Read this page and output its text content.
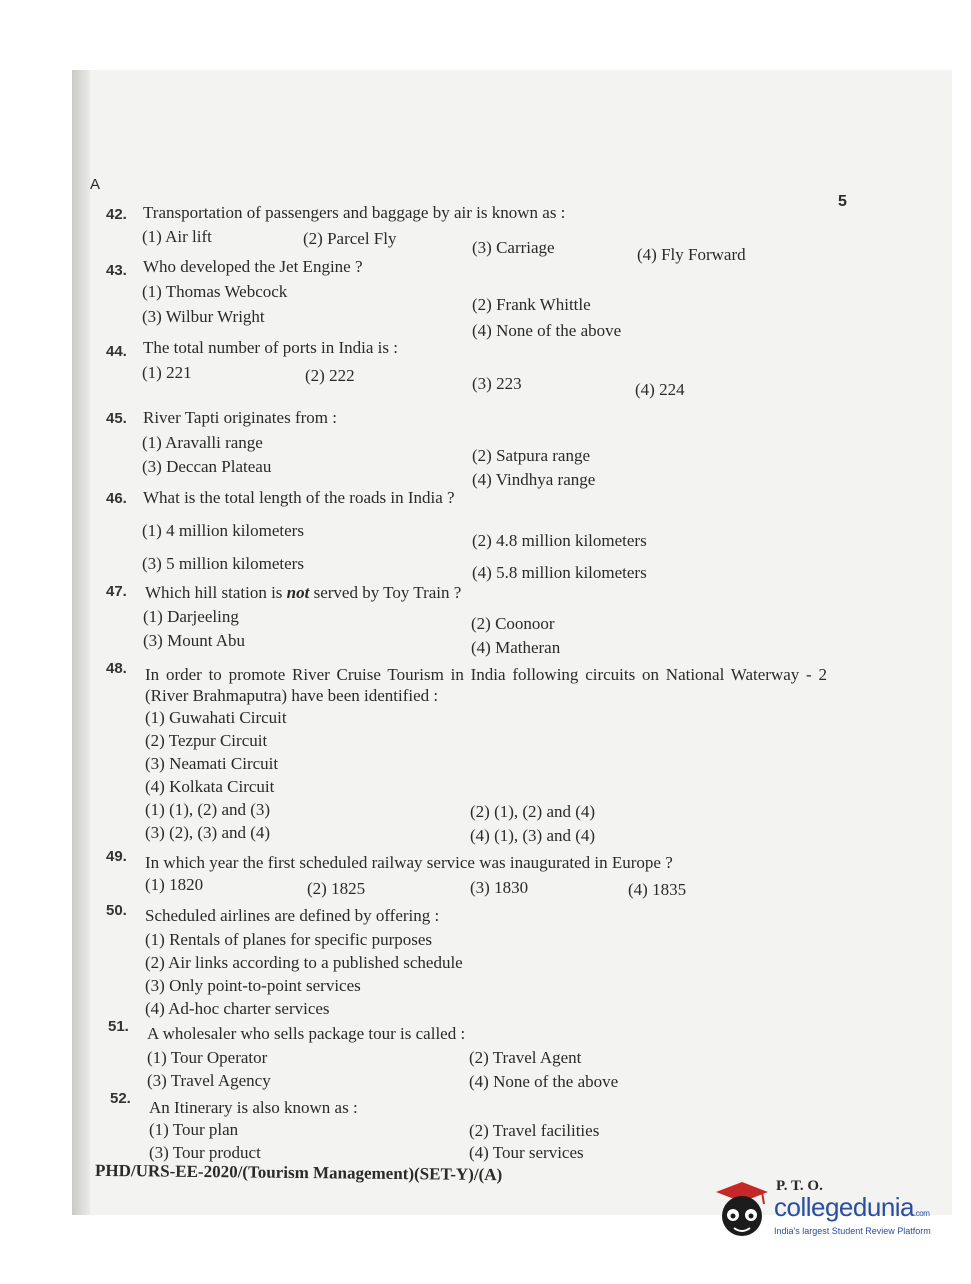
A
5
42. Transportation of passengers and baggage by air is known as :
(1) Air lift	(2) Parcel Fly	(3) Carriage	(4) Fly Forward
43. Who developed the Jet Engine ?
(1) Thomas Webcock
(2) Frank Whittle
(3) Wilbur Wright
(4) None of the above
44. The total number of ports in India is :
(1) 221	(2) 222	(3) 223	(4) 224
45. River Tapti originates from :
(1) Aravalli range
(2) Satpura range
(3) Deccan Plateau
(4) Vindhya range
46. What is the total length of the roads in India ?
(1) 4 million kilometers
(2) 4.8 million kilometers
(3) 5 million kilometers	(4) 5.8 million kilometers
47. Which hill station is not served by Toy Train ?
(1) Darjeeling	(2) Coonoor
(3) Mount Abu	(4) Matheran
48. In order to promote River Cruise Tourism in India following circuits on National Waterway - 2 (River Brahmaputra) have been identified :
(1) Guwahati Circuit
(2) Tezpur Circuit
(3) Neamati Circuit
(4) Kolkata Circuit
(1) (1), (2) and (3)	(2) (1), (2) and (4)
(3) (2), (3) and (4)	(4) (1), (3) and (4)
49. In which year the first scheduled railway service was inaugurated in Europe ?
(1) 1820	(2) 1825	(3) 1830	(4) 1835
50. Scheduled airlines are defined by offering :
(1) Rentals of planes for specific purposes
(2) Air links according to a published schedule
(3) Only point-to-point services
(4) Ad-hoc charter services
51. A wholesaler who sells package tour is called :
(1) Tour Operator	(2) Travel Agent
(3) Travel Agency	(4) None of the above
52. An Itinerary is also known as :
(1) Tour plan	(2) Travel facilities
(3) Tour product	(4) Tour services
PHD/URS-EE-2020/(Tourism Management)(SET-Y)/(A)
P. T. O.
collegedunia.com
India's largest Student Review Platform
